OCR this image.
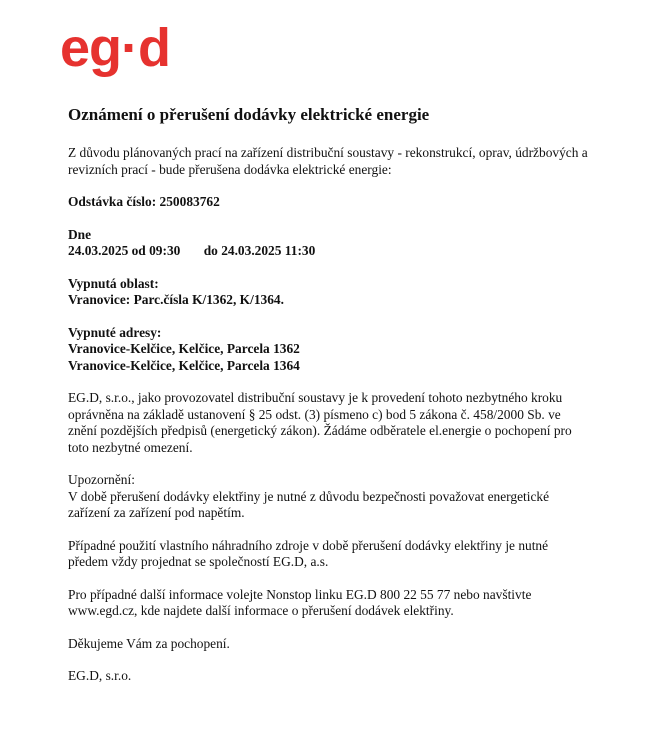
eg·d
Oznámení o přerušení dodávky elektrické energie

Z důvodu plánovaných prací na zařízení distribuční soustavy - rekonstrukcí, oprav, údržbových a revizních prací - bude přerušena dodávka elektrické energie:

Odstávka číslo: 250083762

Dne
24.03.2025 od 09:30 do 24.03.2025 11:30
Vypnutá oblast:
Vranovice: Parc.čísla K/1362, K/1364.
Vypnuté adresy:
Vranovice-Kelčice, Kelčice, Parcela 1362
Vranovice-Kelčice, Kelčice, Parcela 1364

EG.D, s.r.o., jako provozovatel distribuční soustavy je k provedení tohoto nezbytného kroku oprávněna na základě ustanovení § 25 odst. (3) písmeno c) bod 5 zákona č. 458/2000 Sb. ve znění pozdějších předpisů (energetický zákon). Žádáme odběratele el.energie o pochopení pro toto nezbytné omezení.

Upozornění:
V době přerušení dodávky elektřiny je nutné z důvodu bezpečnosti považovat energetické zařízení za zařízení pod napětím.

Případné použití vlastního náhradního zdroje v době přerušení dodávky elektřiny je nutné předem vždy projednat se společností EG.D, a.s.

Pro případné další informace volejte Nonstop linku EG.D 800 22 55 77 nebo navštivte www.egd.cz, kde najdete další informace o přerušení dodávek elektřiny.

Děkujeme Vám za pochopení.

EG.D, s.r.o.
